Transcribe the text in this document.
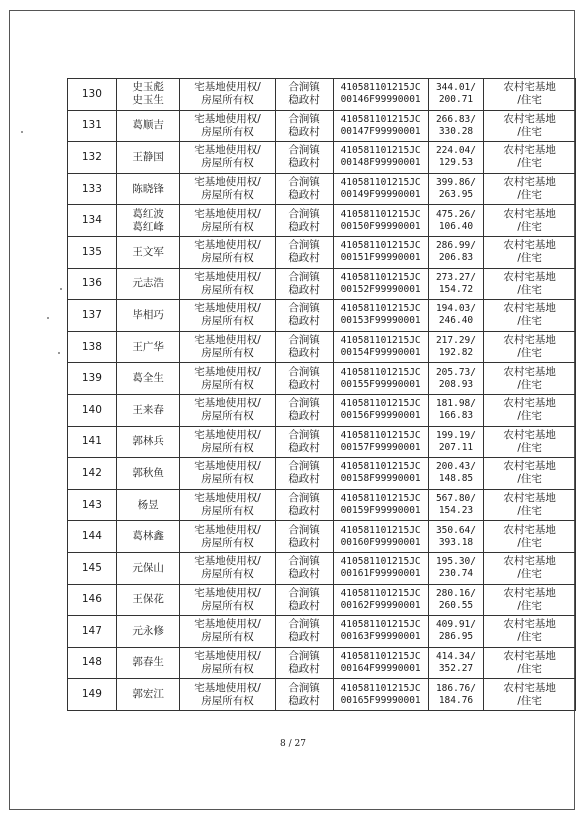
130	史玉彪
史玉生	宅基地使用权/
房屋所有权	合涧镇
稳政村	410581101215JC
00146F99990001	344.01/
200.71	农村宅基地
/住宅

131	葛顺吉	宅基地使用权/
房屋所有权	合涧镇
稳政村	410581101215JC
00147F99990001	266.83/
330.28	农村宅基地
/住宅

132	王静国	宅基地使用权/
房屋所有权	合涧镇
稳政村	410581101215JC
00148F99990001	224.04/
129.53	农村宅基地
/住宅

133	陈晓锋	宅基地使用权/
房屋所有权	合涧镇
稳政村	410581101215JC
00149F99990001	399.86/
263.95	农村宅基地
/住宅

134	葛红波
葛红峰	宅基地使用权/
房屋所有权	合涧镇
稳政村	410581101215JC
00150F99990001	475.26/
106.40	农村宅基地
/住宅

135	王文军	宅基地使用权/
房屋所有权	合涧镇
稳政村	410581101215JC
00151F99990001	286.99/
206.83	农村宅基地
/住宅

136	元志浩	宅基地使用权/
房屋所有权	合涧镇
稳政村	410581101215JC
00152F99990001	273.27/
154.72	农村宅基地
/住宅

137	毕相巧	宅基地使用权/
房屋所有权	合涧镇
稳政村	410581101215JC
00153F99990001	194.03/
246.40	农村宅基地
/住宅

138	王广华	宅基地使用权/
房屋所有权	合涧镇
稳政村	410581101215JC
00154F99990001	217.29/
192.82	农村宅基地
/住宅

139	葛全生	宅基地使用权/
房屋所有权	合涧镇
稳政村	410581101215JC
00155F99990001	205.73/
208.93	农村宅基地
/住宅

140	王来春	宅基地使用权/
房屋所有权	合涧镇
稳政村	410581101215JC
00156F99990001	181.98/
166.83	农村宅基地
/住宅

141	郭林兵	宅基地使用权/
房屋所有权	合涧镇
稳政村	410581101215JC
00157F99990001	199.19/
207.11	农村宅基地
/住宅

142	郭秋鱼	宅基地使用权/
房屋所有权	合涧镇
稳政村	410581101215JC
00158F99990001	200.43/
148.85	农村宅基地
/住宅

143	杨昱	宅基地使用权/
房屋所有权	合涧镇
稳政村	410581101215JC
00159F99990001	567.80/
154.23	农村宅基地
/住宅

144	葛林鑫	宅基地使用权/
房屋所有权	合涧镇
稳政村	410581101215JC
00160F99990001	350.64/
393.18	农村宅基地
/住宅

145	元保山	宅基地使用权/
房屋所有权	合涧镇
稳政村	410581101215JC
00161F99990001	195.30/
230.74	农村宅基地
/住宅

146	王保花	宅基地使用权/
房屋所有权	合涧镇
稳政村	410581101215JC
00162F99990001	280.16/
260.55	农村宅基地
/住宅

147	元永修	宅基地使用权/
房屋所有权	合涧镇
稳政村	410581101215JC
00163F99990001	409.91/
286.95	农村宅基地
/住宅

148	郭春生	宅基地使用权/
房屋所有权	合涧镇
稳政村	410581101215JC
00164F99990001	414.34/
352.27	农村宅基地
/住宅

149	郭宏江	宅基地使用权/
房屋所有权	合涧镇
稳政村	410581101215JC
00165F99990001	186.76/
184.76	农村宅基地
/住宅
8 / 27
